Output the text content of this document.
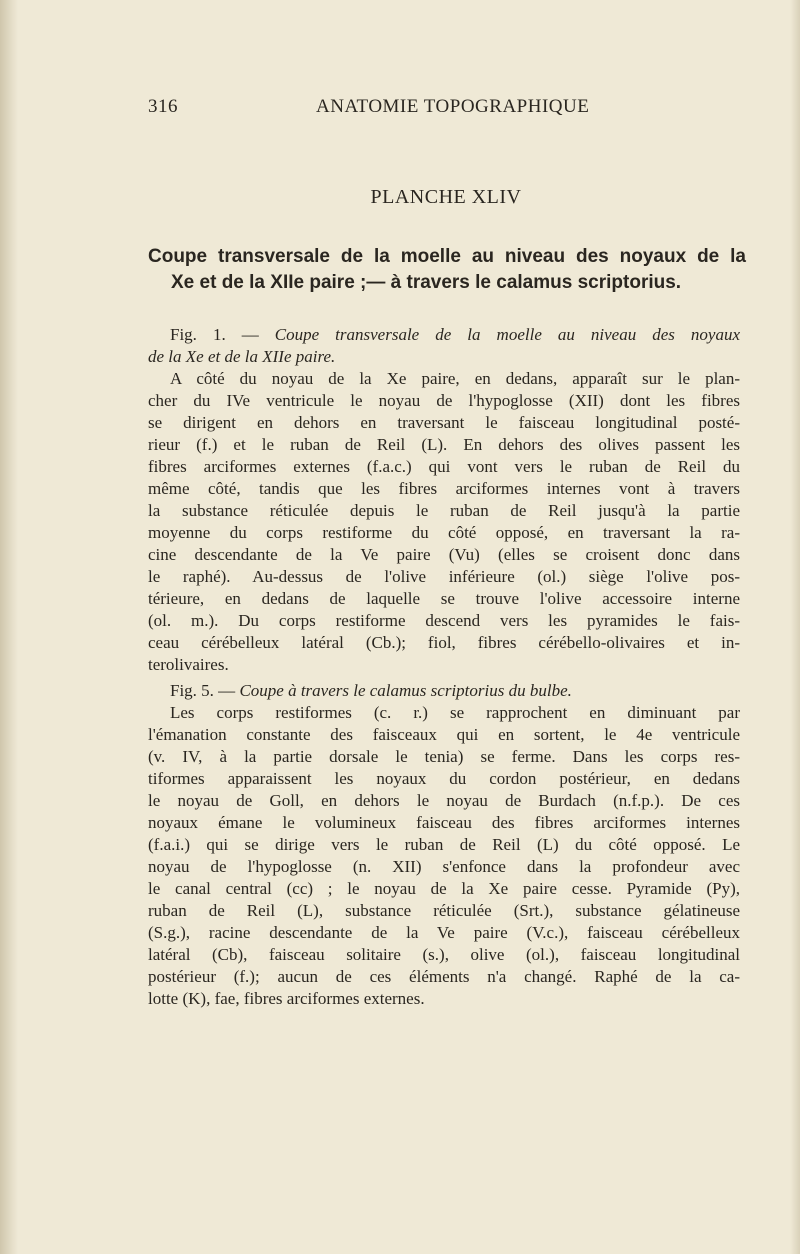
316	ANATOMIE TOPOGRAPHIQUE
PLANCHE XLIV
Coupe transversale de la moelle au niveau des noyaux de la
Xe et de la XIIe paire ;— à travers le calamus scriptorius.
Fig. 1. — Coupe transversale de la moelle au niveau des noyaux
de la Xe et de la XIIe paire.
A côté du noyau de la Xe paire, en dedans, apparaît sur le plan-
cher du IVe ventricule le noyau de l'hypoglosse (XII) dont les fibres
se dirigent en dehors en traversant le faisceau longitudinal posté-
rieur (f.) et le ruban de Reil (L). En dehors des olives passent les
fibres arciformes externes (f.a.c.) qui vont vers le ruban de Reil du
même côté, tandis que les fibres arciformes internes vont à travers
la substance réticulée depuis le ruban de Reil jusqu'à la partie
moyenne du corps restiforme du côté opposé, en traversant la ra-
cine descendante de la Ve paire (Vu) (elles se croisent donc dans
le raphé). Au-dessus de l'olive inférieure (ol.) siège l'olive pos-
térieure, en dedans de laquelle se trouve l'olive accessoire interne
(ol. m.). Du corps restiforme descend vers les pyramides le fais-
ceau cérébelleux latéral (Cb.); fiol, fibres cérébello-olivaires et in-
terolivaires.
Fig. 5. — Coupe à travers le calamus scriptorius du bulbe.
Les corps restiformes (c. r.) se rapprochent en diminuant par
l'émanation constante des faisceaux qui en sortent, le 4e ventricule
(v. IV, à la partie dorsale le tenia) se ferme. Dans les corps res-
tiformes apparaissent les noyaux du cordon postérieur, en dedans
le noyau de Goll, en dehors le noyau de Burdach (n.f.p.). De ces
noyaux émane le volumineux faisceau des fibres arciformes internes
(f.a.i.) qui se dirige vers le ruban de Reil (L) du côté opposé. Le
noyau de l'hypoglosse (n. XII) s'enfonce dans la profondeur avec
le canal central (cc) ; le noyau de la Xe paire cesse. Pyramide (Py),
ruban de Reil (L), substance réticulée (Srt.), substance gélatineuse
(S.g.), racine descendante de la Ve paire (V.c.), faisceau cérébelleux
latéral (Cb), faisceau solitaire (s.), olive (ol.), faisceau longitudinal
postérieur (f.); aucun de ces éléments n'a changé. Raphé de la ca-
lotte (K), fae, fibres arciformes externes.
